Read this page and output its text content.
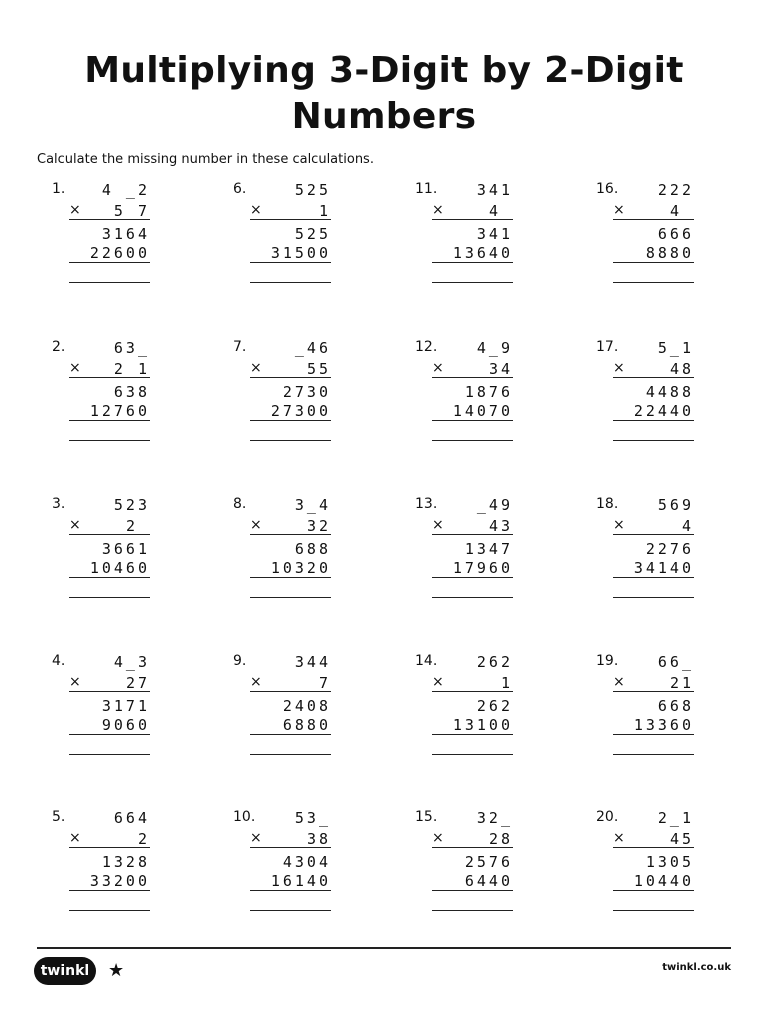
Multiplying 3-Digit by 2-Digit
Numbers
Calculate the missing number in these calculations.
1. 4 _2
× 5 7
3164
22600
2.	63_
× 2 1
638
12760
3.	523
×	2_
3661
10460
4.	4_3
×	27
3171
9060
5.	664
×	_2
1328
33200
6.	525
×	_1
525
31500
7.	_46
×	55
2730
27300
8.	3_4
×	32
688
10320
9.	344
×	_7
2408
6880
10.	53_
×	38
4304
16140
11.	341
×	4_
341
13640
12.	4_9
×	34
1876
14070
13.	_49
×	43
1347
17960
14.	262
×	_1
262
13100
15.	32_
×	28
2576
6440
16.	222
×	4_
666
8880
17.	5_1
×	48
4488
22440
18.	569
×	_4
2276
34140
19.	66_
×	21
668
13360
20.	2_1
×	45
1305
10440
twinkl	★	twinkl.co.uk
